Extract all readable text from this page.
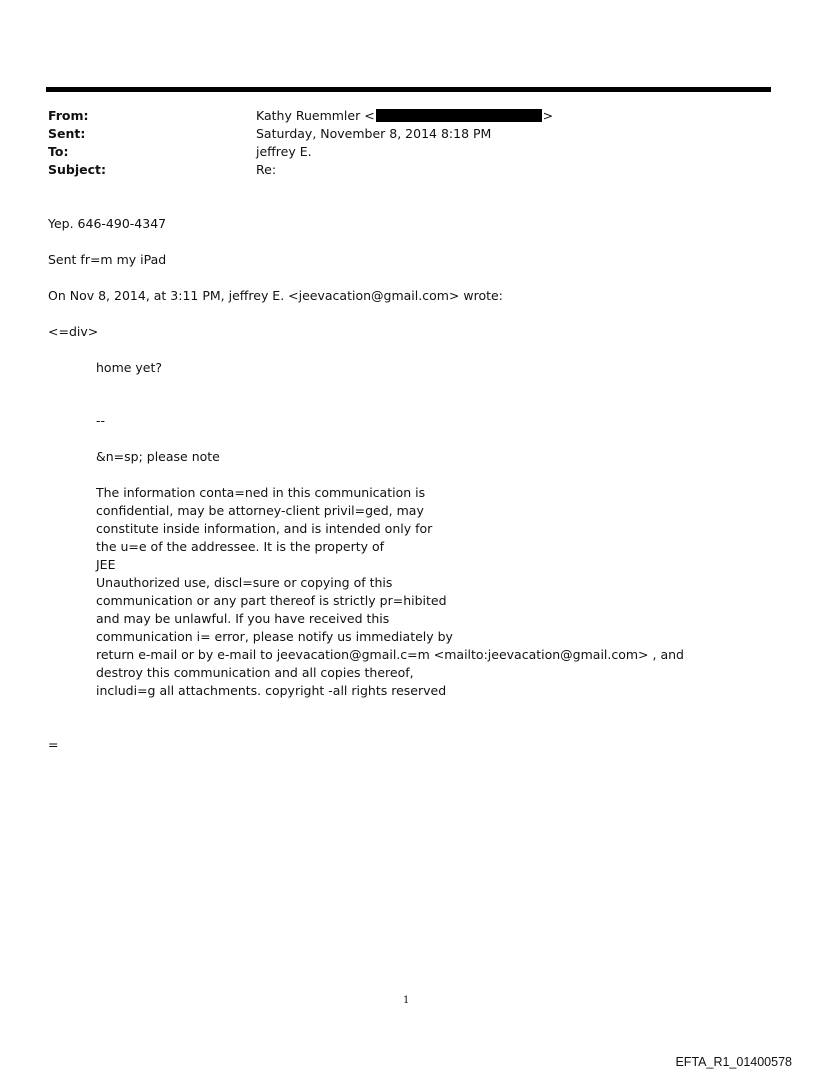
From:	Kathy Ruemmler <	>
Sent:	Saturday, November 8, 2014 8:18 PM
To:	jeffrey E.
Subject:	Re:
Yep. 646-490-4347
Sent fr=m my iPad
On Nov 8, 2014, at 3:11 PM, jeffrey E. <jeevacation@gmail.com> wrote:
<=div>
home yet?
--
&n=sp; please note
The information conta=ned in this communication is
confidential, may be attorney-client privil=ged, may
constitute inside information, and is intended only for
the u=e of the addressee. It is the property of
JEE
Unauthorized use, discl=sure or copying of this
communication or any part thereof is strictly pr=hibited
and may be unlawful. If you have received this
communication i= error, please notify us immediately by
return e-mail or by e-mail to jeevacation@gmail.c=m <mailto:jeevacation@gmail.com> , and
destroy this communication and all copies thereof,
includi=g all attachments. copyright -all rights reserved
=
1
EFTA_R1_01400578
